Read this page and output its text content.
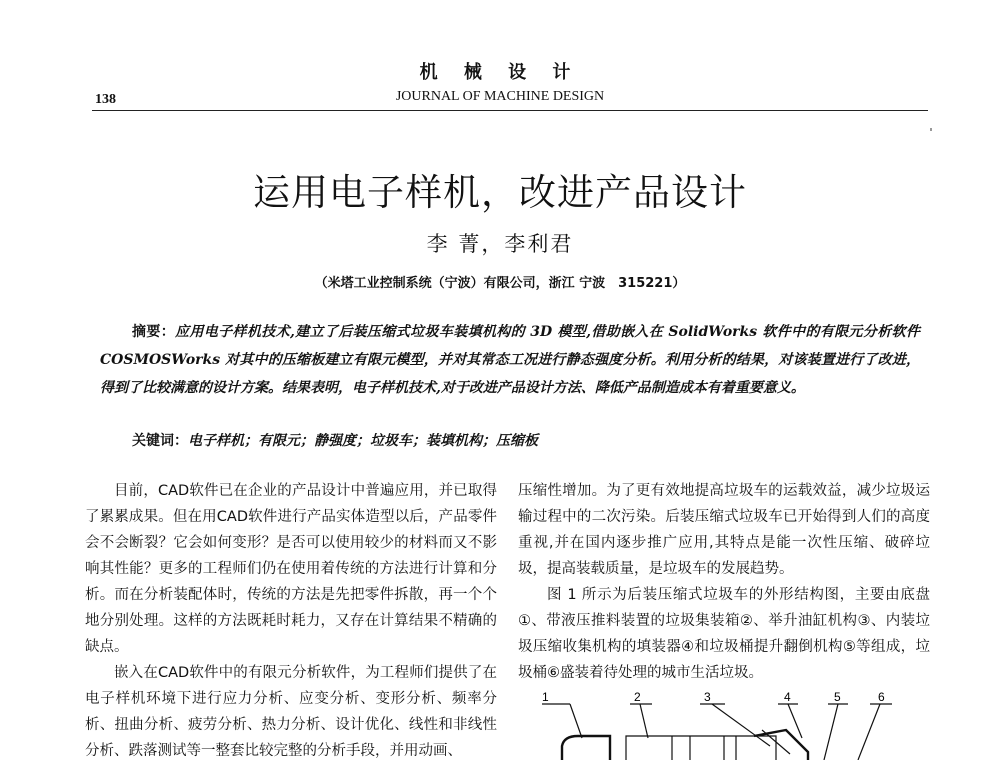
机 械 设 计
138	JOURNAL OF MACHINE DESIGN
运用电子样机，改进产品设计
李 菁，李利君
（米塔工业控制系统（宁波）有限公司，浙江 宁波　315221）
摘要：应用电子样机技术,建立了后装压缩式垃圾车装填机构的 3D 模型,借助嵌入在 SolidWorks 软件中的有限元分析软件 COSMOSWorks 对其中的压缩板建立有限元模型，并对其常态工况进行静态强度分析。利用分析的结果，对该装置进行了改进，得到了比较满意的设计方案。结果表明，电子样机技术,对于改进产品设计方法、降低产品制造成本有着重要意义。
关键词：电子样机；有限元；静强度；垃圾车；装填机构；压缩板

目前，CAD软件已在企业的产品设计中普遍应用，并已取得了累累成果。但在用CAD软件进行产品实体造型以后，产品零件会不会断裂？它会如何变形？是否可以使用较少的材料而又不影响其性能？更多的工程师们仍在使用着传统的方法进行计算和分析。而在分析装配体时，传统的方法是先把零件拆散，再一个个地分别处理。这样的方法既耗时耗力，又存在计算结果不精确的缺点。

嵌入在CAD软件中的有限元分析软件，为工程师们提供了在电子样机环境下进行应力分析、应变分析、变形分析、频率分析、扭曲分析、疲劳分析、热力分析、设计优化、线性和非线性分析、跌落测试等一整套比较完整的分析手段，并用动画、

压缩性增加。为了更有效地提高垃圾车的运载效益，减少垃圾运输过程中的二次污染。后装压缩式垃圾车已开始得到人们的高度重视,并在国内逐步推广应用,其特点是能一次性压缩、破碎垃圾，提高装载质量，是垃圾车的发展趋势。

图 1 所示为后装压缩式垃圾车的外形结构图，主要由底盘①、带液压推料装置的垃圾集装箱②、举升油缸机构③、内装垃圾压缩收集机构的填装器④和垃圾桶提升翻倒机构⑤等组成，垃圾桶⑥盛装着待处理的城市生活垃圾。

1	2	3	4	5	6
